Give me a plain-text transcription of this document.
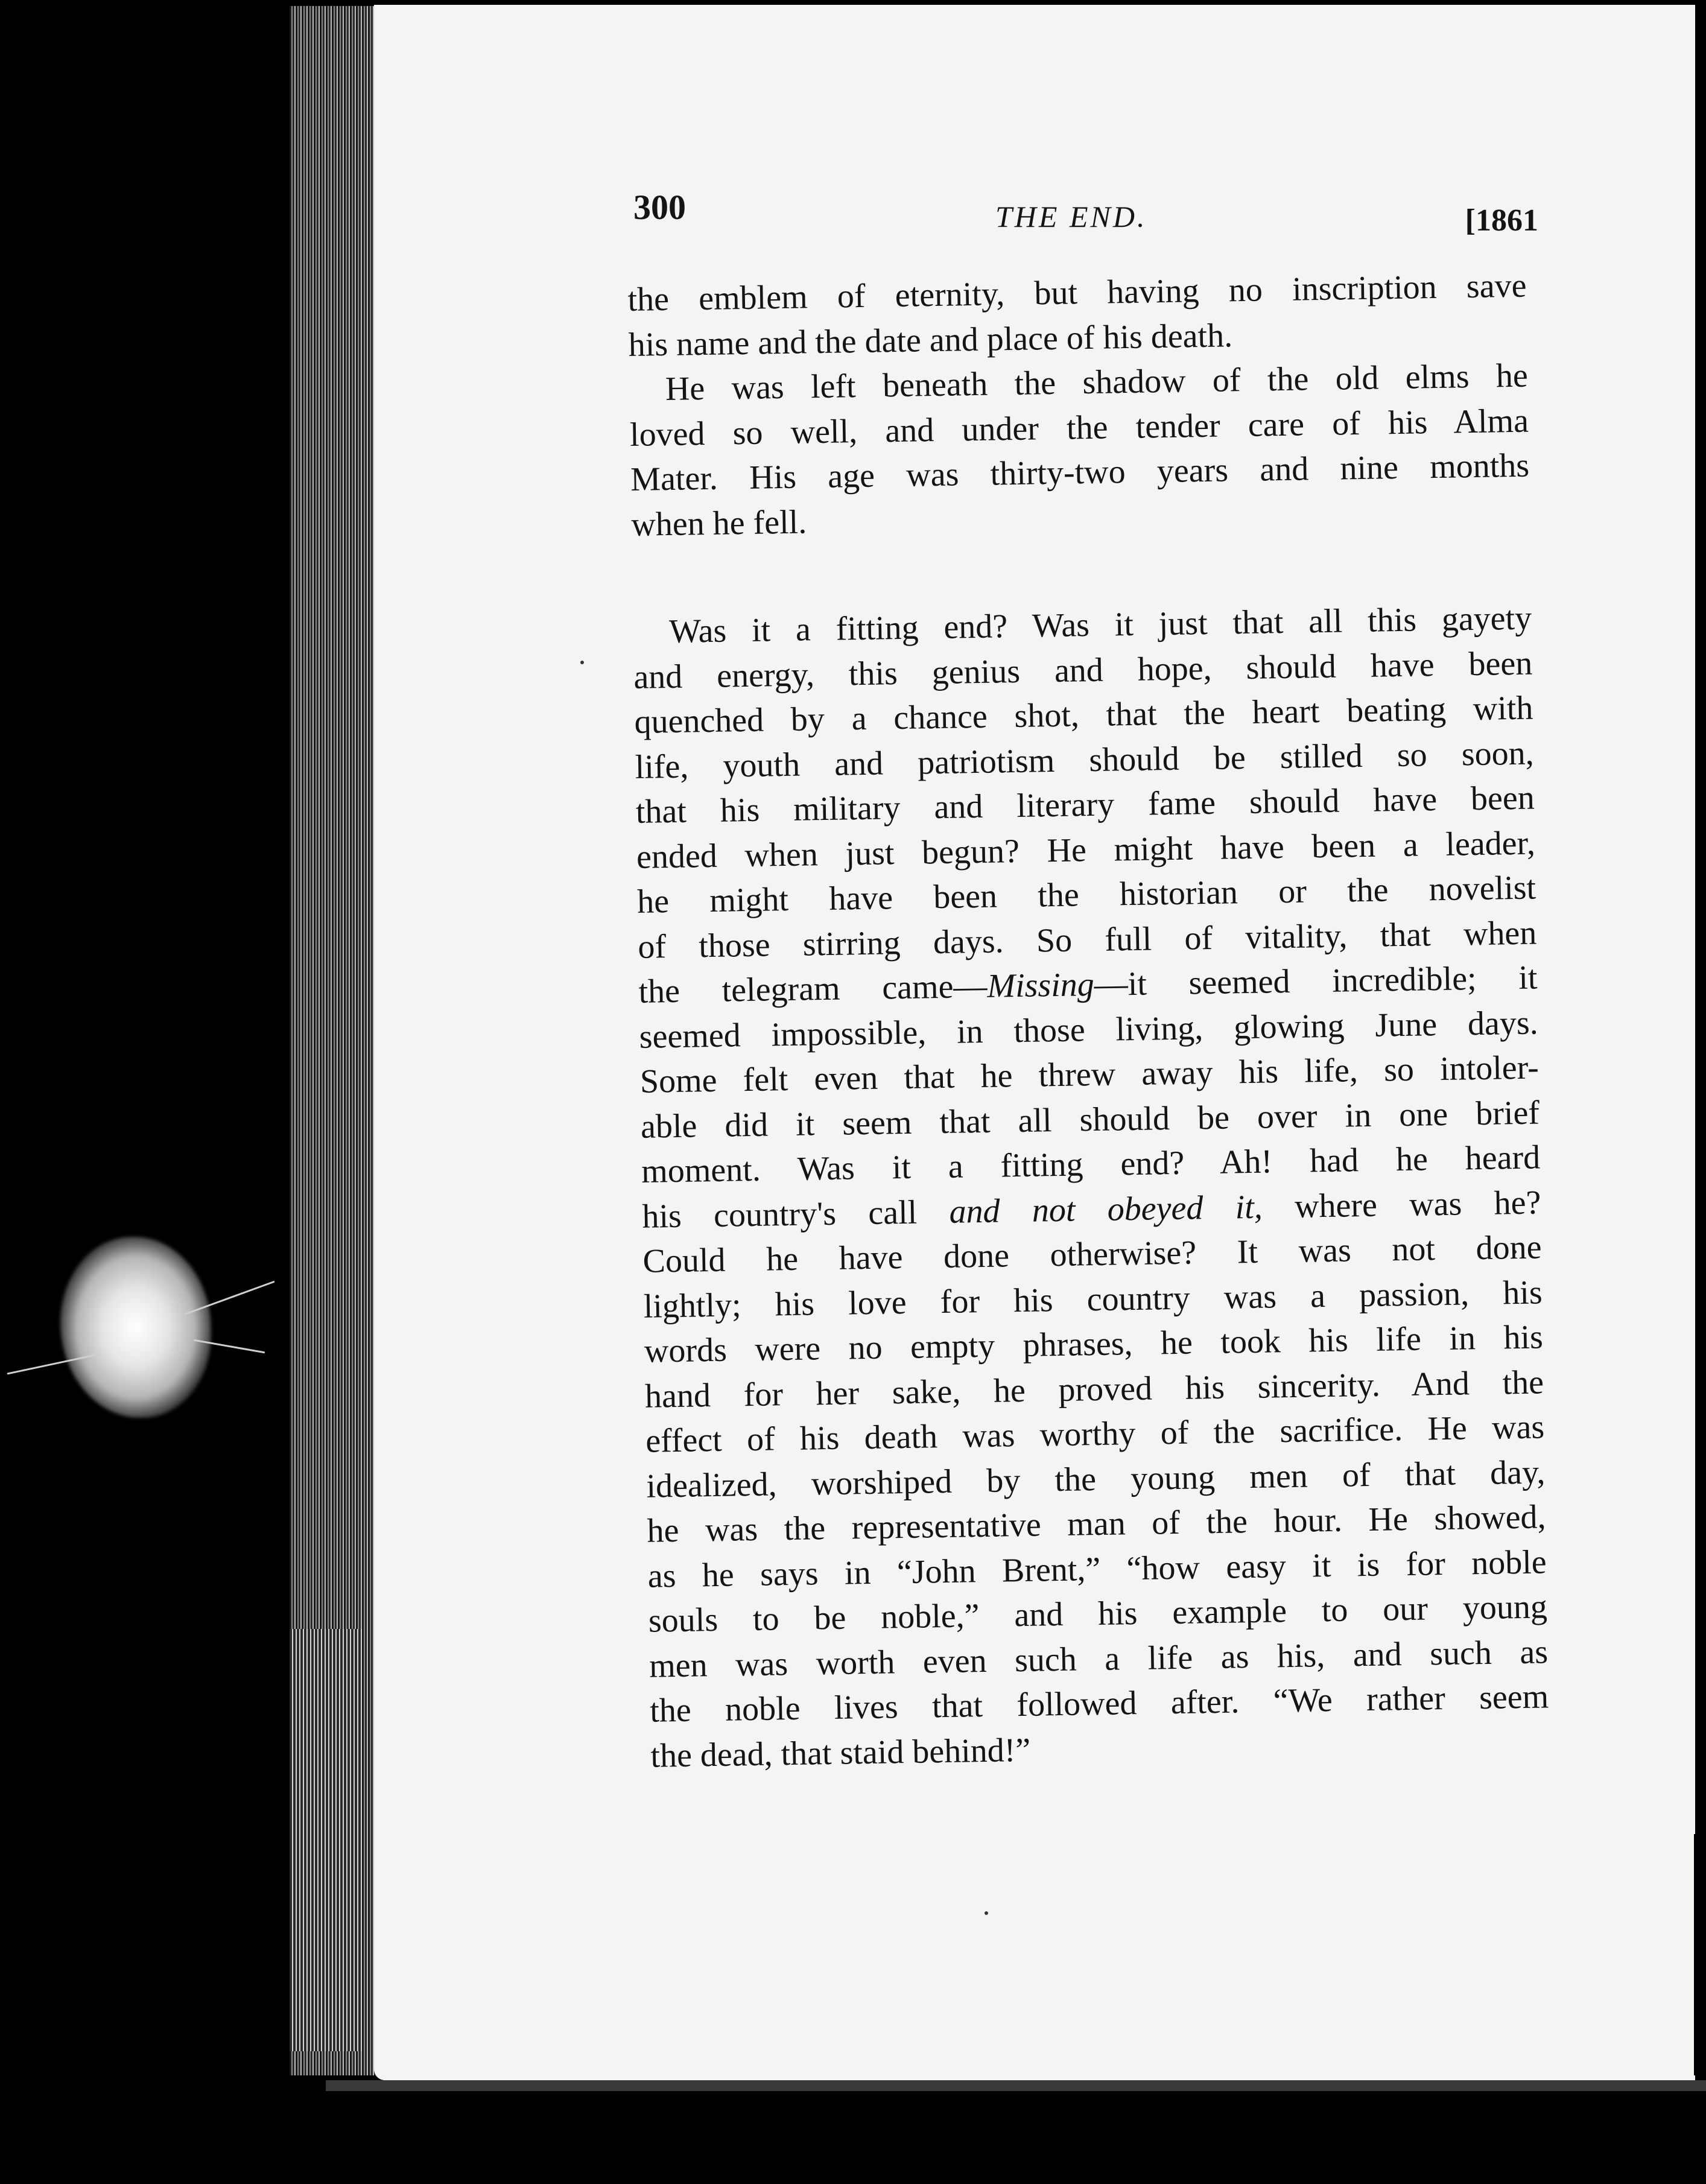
300	THE END.	[1861

the emblem of eternity, but having no inscription save
his name and the date and place of his death.

He was left beneath the shadow of the old elms he
loved so well, and under the tender care of his Alma
Mater. His age was thirty-two years and nine months
when he fell.

Was it a fitting end? Was it just that all this gayety
and energy, this genius and hope, should have been
quenched by a chance shot, that the heart beating with
life, youth and patriotism should be stilled so soon,
that his military and literary fame should have been
ended when just begun? He might have been a leader,
he might have been the historian or the novelist
of those stirring days. So full of vitality, that when
the telegram came—Missing—it seemed incredible; it
seemed impossible, in those living, glowing June days.
Some felt even that he threw away his life, so intoler-
able did it seem that all should be over in one brief
moment. Was it a fitting end? Ah! had he heard
his country's call and not obeyed it, where was he?
Could he have done otherwise? It was not done
lightly; his love for his country was a passion, his
words were no empty phrases, he took his life in his
hand for her sake, he proved his sincerity. And the
effect of his death was worthy of the sacrifice. He was
idealized, worshiped by the young men of that day,
he was the representative man of the hour. He showed,
as he says in “John Brent,” “how easy it is for noble
souls to be noble,” and his example to our young
men was worth even such a life as his, and such as
the noble lives that followed after. “We rather seem
the dead, that staid behind!”
